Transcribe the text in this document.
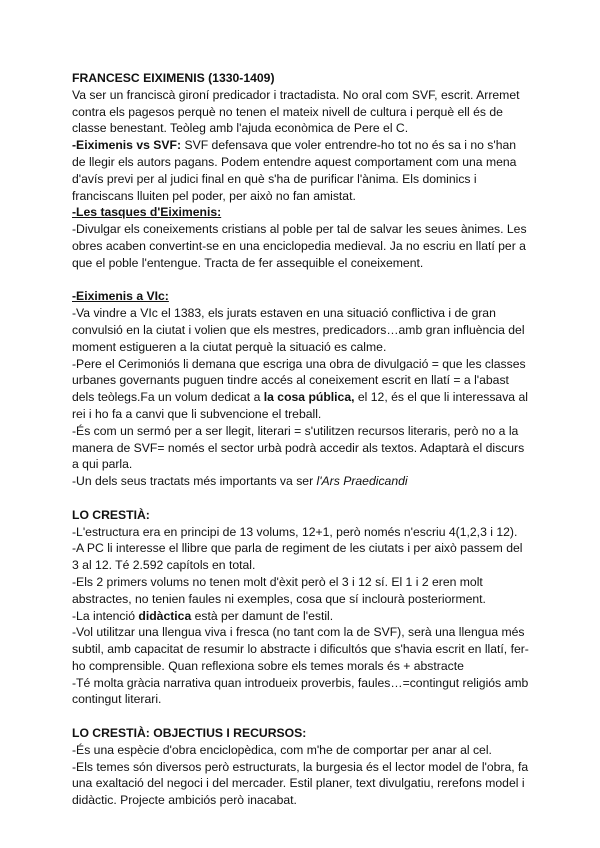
FRANCESC EIXIMENIS (1330-1409)

Va ser un franciscà gironí predicador i tractadista. No oral com SVF, escrit. Arremet contra els pagesos perquè no tenen el mateix nivell de cultura i perquè ell és de classe benestant. Teòleg amb l'ajuda econòmica de Pere el C.

-Eiximenis vs SVF: SVF defensava que voler entrendre-ho tot no és sa i no s'han de llegir els autors pagans. Podem entendre aquest comportament com una mena d'avís previ per al judici final en què s'ha de purificar l'ànima. Els dominics i franciscans lluiten pel poder, per això no fan amistat.

-Les tasques d'Eiximenis:

-Divulgar els coneixements cristians al poble per tal de salvar les seues ànimes. Les obres acaben convertint-se en una enciclopedia medieval. Ja no escriu en llatí per a que el poble l'entengue. Tracta de fer assequible el coneixement.

-Eiximenis a VIc:

-Va vindre a VIc el 1383, els jurats estaven en una situació conflictiva i de gran convulsió en la ciutat i volien que els mestres, predicadors…amb gran influència del moment estigueren a la ciutat perquè la situació es calme.

-Pere el Cerimoniós li demana que escriga una obra de divulgació = que les classes urbanes governants puguen tindre accés al coneixement escrit en llatí = a l'abast dels teòlegs.Fa un volum dedicat a la cosa pública, el 12, és el que li interessava al rei i ho fa a canvi que li subvencione el treball.

-És com un sermó per a ser llegit, literari = s'utilitzen recursos literaris, però no a la manera de SVF= només el sector urbà podrà accedir als textos. Adaptarà el discurs a qui parla.

-Un dels seus tractats més importants va ser l'Ars Praedicandi

LO CRESTIÀ:

-L'estructura era en principi de 13 volums, 12+1, però només n'escriu 4(1,2,3 i 12).

-A PC li interesse el llibre que parla de regiment de les ciutats i per això passem del 3 al 12. Té 2.592 capítols en total.

-Els 2 primers volums no tenen molt d'èxit però el 3 i 12 sí. El 1 i 2 eren molt abstractes, no tenien faules ni exemples, cosa que sí inclourà posteriorment.

-La intenció didàctica està per damunt de l'estil.

-Vol utilitzar una llengua viva i fresca (no tant com la de SVF), serà una llengua més subtil, amb capacitat de resumir lo abstracte i dificultós que s'havia escrit en llatí, fer-ho comprensible. Quan reflexiona sobre els temes morals és + abstracte

-Té molta gràcia narrativa quan introdueix proverbis, faules…=contingut religiós amb contingut literari.

LO CRESTIÀ: OBJECTIUS I RECURSOS:

-És una espècie d'obra enciclopèdica, com m'he de comportar per anar al cel.

-Els temes són diversos però estructurats, la burgesia és el lector model de l'obra, fa una exaltació del negoci i del mercader. Estil planer, text divulgatiu, rerefons model i didàctic. Projecte ambiciós però inacabat.
